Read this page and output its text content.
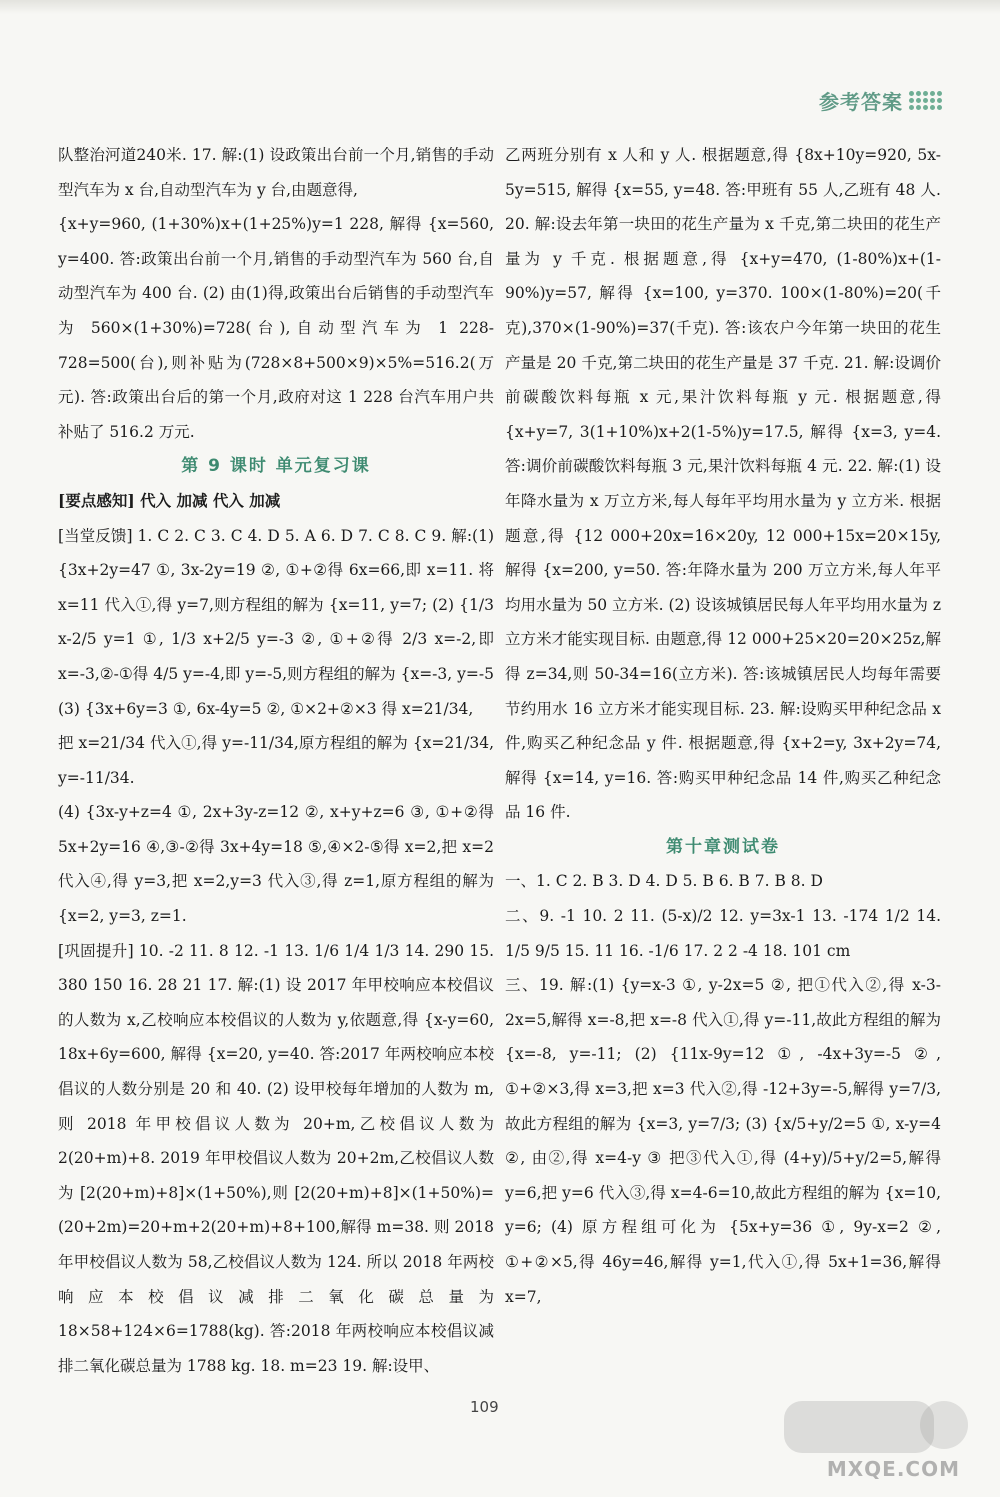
参考答案

队整治河道240米. 17. 解:(1) 设政策出台前一个月,销售的手动型汽车为 x 台,自动型汽车为 y 台,由题意得,

{x+y=960, (1+30%)x+(1+25%)y=1 228, 解得 {x=560, y=400. 答:政策出台前一个月,销售的手动型汽车为 560 台,自动型汽车为 400 台. (2) 由(1)得,政策出台后销售的手动型汽车为 560×(1+30%)=728(台),自动型汽车为 1 228-728=500(台),则补贴为(728×8+500×9)×5%=516.2(万元). 答:政策出台后的第一个月,政府对这 1 228 台汽车用户共补贴了 516.2 万元.

第 9 课时 单元复习课

[要点感知] 代入 加减 代入 加减

[当堂反馈] 1. C 2. C 3. C 4. D 5. A 6. D 7. C 8. C 9. 解:(1) {3x+2y=47 ①, 3x-2y=19 ②, ①+②得 6x=66,即 x=11. 将 x=11 代入①,得 y=7,则方程组的解为 {x=11, y=7; (2) {1/3 x-2/5 y=1 ①, 1/3 x+2/5 y=-3 ②, ①+②得 2/3 x=-2,即 x=-3,②-①得 4/5 y=-4,即 y=-5,则方程组的解为 {x=-3, y=-5 (3) {3x+6y=3 ①, 6x-4y=5 ②, ①×2+②×3 得 x=21/34,

把 x=21/34 代入①,得 y=-11/34,原方程组的解为 {x=21/34, y=-11/34.

(4) {3x-y+z=4 ①, 2x+3y-z=12 ②, x+y+z=6 ③, ①+②得 5x+2y=16 ④,③-②得 3x+4y=18 ⑤,④×2-⑤得 x=2,把 x=2 代入④,得 y=3,把 x=2,y=3 代入③,得 z=1,原方程组的解为 {x=2, y=3, z=1.

[巩固提升] 10. -2 11. 8 12. -1 13. 1/6 1/4 1/3 14. 290 15. 380 150 16. 28 21 17. 解:(1) 设 2017 年甲校响应本校倡议的人数为 x,乙校响应本校倡议的人数为 y,依题意,得 {x-y=60, 18x+6y=600, 解得 {x=20, y=40. 答:2017 年两校响应本校倡议的人数分别是 20 和 40. (2) 设甲校每年增加的人数为 m,则 2018 年甲校倡议人数为 20+m,乙校倡议人数为 2(20+m)+8. 2019 年甲校倡议人数为 20+2m,乙校倡议人数为 [2(20+m)+8]×(1+50%),则 [2(20+m)+8]×(1+50%)=(20+2m)=20+m+2(20+m)+8+100,解得 m=38. 则 2018 年甲校倡议人数为 58,乙校倡议人数为 124. 所以 2018 年两校响应本校倡议减排二氧化碳总量为 18×58+124×6=1788(kg). 答:2018 年两校响应本校倡议减排二氧化碳总量为 1788 kg. 18. m=23 19. 解:设甲、

乙两班分别有 x 人和 y 人. 根据题意,得 {8x+10y=920, 5x-5y=515, 解得 {x=55, y=48. 答:甲班有 55 人,乙班有 48 人. 20. 解:设去年第一块田的花生产量为 x 千克,第二块田的花生产量为 y 千克. 根据题意,得 {x+y=470, (1-80%)x+(1-90%)y=57, 解得 {x=100, y=370. 100×(1-80%)=20(千克),370×(1-90%)=37(千克). 答:该农户今年第一块田的花生产量是 20 千克,第二块田的花生产量是 37 千克. 21. 解:设调价前碳酸饮料每瓶 x 元,果汁饮料每瓶 y 元. 根据题意,得 {x+y=7, 3(1+10%)x+2(1-5%)y=17.5, 解得 {x=3, y=4. 答:调价前碳酸饮料每瓶 3 元,果汁饮料每瓶 4 元. 22. 解:(1) 设年降水量为 x 万立方米,每人每年平均用水量为 y 立方米. 根据题意,得 {12 000+20x=16×20y, 12 000+15x=20×15y, 解得 {x=200, y=50. 答:年降水量为 200 万立方米,每人年平均用水量为 50 立方米. (2) 设该城镇居民每人年平均用水量为 z 立方米才能实现目标. 由题意,得 12 000+25×20=20×25z,解得 z=34,则 50-34=16(立方米). 答:该城镇居民人均每年需要节约用水 16 立方米才能实现目标. 23. 解:设购买甲种纪念品 x 件,购买乙种纪念品 y 件. 根据题意,得 {x+2=y, 3x+2y=74, 解得 {x=14, y=16. 答:购买甲种纪念品 14 件,购买乙种纪念品 16 件.

第十章测试卷

一、1. C 2. B 3. D 4. D 5. B 6. B 7. B 8. D

二、9. -1 10. 2 11. (5-x)/2 12. y=3x-1 13. -174 1/2 14. 1/5 9/5 15. 11 16. -1/6 17. 2 2 -4 18. 101 cm

三、19. 解:(1) {y=x-3 ①, y-2x=5 ②, 把①代入②,得 x-3-2x=5,解得 x=-8,把 x=-8 代入①,得 y=-11,故此方程组的解为 {x=-8, y=-11; (2) {11x-9y=12 ①, -4x+3y=-5 ②, ①+②×3,得 x=3,把 x=3 代入②,得 -12+3y=-5,解得 y=7/3,故此方程组的解为 {x=3, y=7/3; (3) {x/5+y/2=5 ①, x-y=4 ②, 由②,得 x=4-y ③ 把③代入①,得 (4+y)/5+y/2=5,解得 y=6,把 y=6 代入③,得 x=4-6=10,故此方程组的解为 {x=10, y=6; (4) 原方程组可化为 {5x+y=36 ①, 9y-x=2 ②, ①+②×5,得 46y=46,解得 y=1,代入①,得 5x+1=36,解得 x=7,

109
MXQE.COM
